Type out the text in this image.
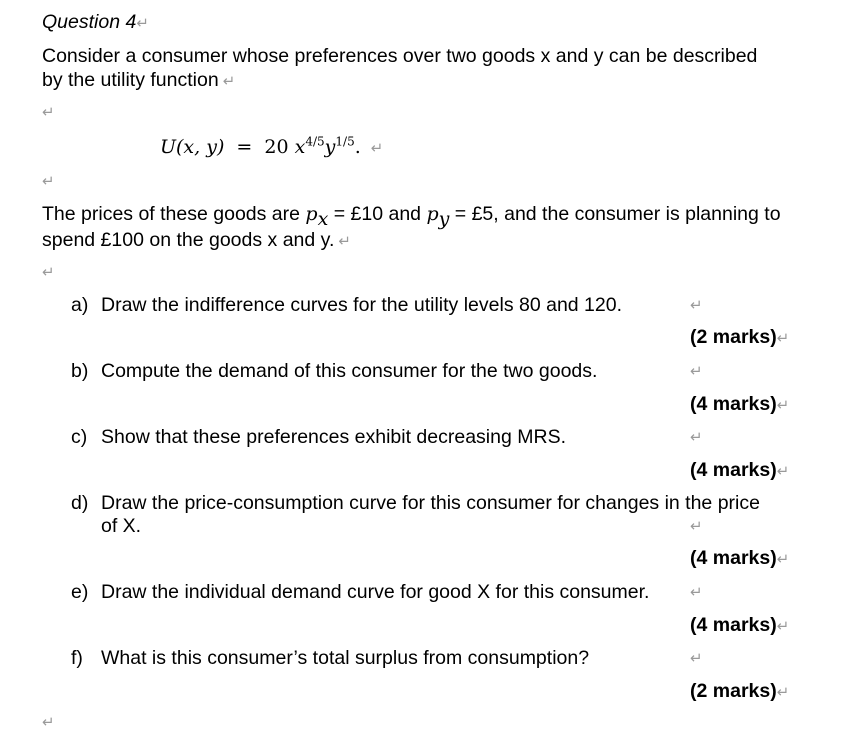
Question 4↵
Consider a consumer whose preferences over two goods x and y can be described
by the utility function ↵
↵
U(x, y) = 20 $x^{4/5}y^{1/5}$. ↵
↵
The prices of these goods are $p_x$ = £10 and $p_y$ = £5, and the consumer is planning to
spend £100 on the goods x and y. ↵
↵
a) Draw the indifference curves for the utility levels 80 and 120.	↵
(2 marks)↵
b) Compute the demand of this consumer for the two goods.	↵
(4 marks)↵
c) Show that these preferences exhibit decreasing MRS.	↵
(4 marks)↵
d) Draw the price-consumption curve for this consumer for changes in the price
of X.	↵
(4 marks)↵
e) Draw the individual demand curve for good X for this consumer.	↵
(4 marks)↵
f) What is this consumer’s total surplus from consumption?	↵
(2 marks)↵
↵
